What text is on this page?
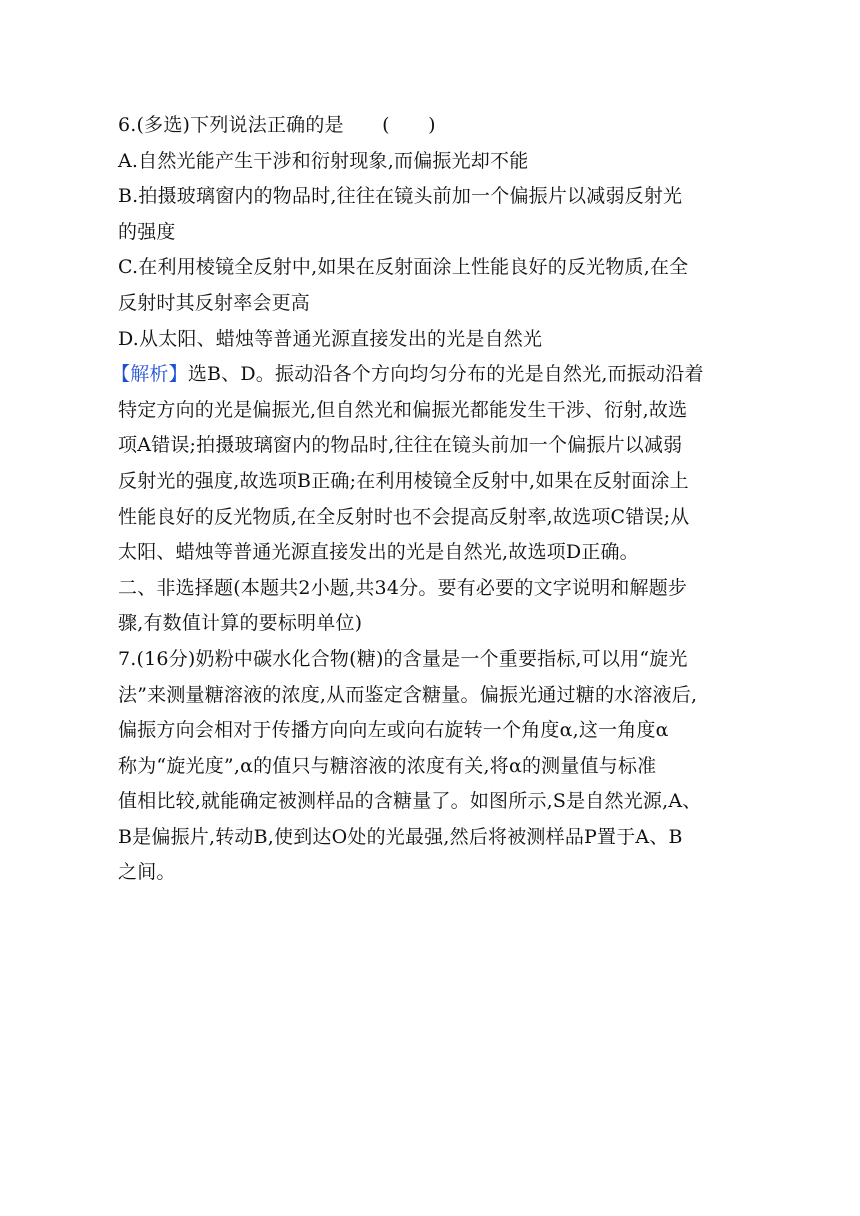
6.(多选)下列说法正确的是　　(　　)
A.自然光能产生干涉和衍射现象,而偏振光却不能
B.拍摄玻璃窗内的物品时,往往在镜头前加一个偏振片以减弱反射光
的强度
C.在利用棱镜全反射中,如果在反射面涂上性能良好的反光物质,在全
反射时其反射率会更高
D.从太阳、蜡烛等普通光源直接发出的光是自然光
【解析】选B、D。振动沿各个方向均匀分布的光是自然光,而振动沿着
特定方向的光是偏振光,但自然光和偏振光都能发生干涉、衍射,故选
项A错误;拍摄玻璃窗内的物品时,往往在镜头前加一个偏振片以减弱
反射光的强度,故选项B正确;在利用棱镜全反射中,如果在反射面涂上
性能良好的反光物质,在全反射时也不会提高反射率,故选项C错误;从
太阳、蜡烛等普通光源直接发出的光是自然光,故选项D正确。
二、非选择题(本题共2小题,共34分。要有必要的文字说明和解题步
骤,有数值计算的要标明单位)
7.(16分)奶粉中碳水化合物(糖)的含量是一个重要指标,可以用“旋光
法”来测量糖溶液的浓度,从而鉴定含糖量。偏振光通过糖的水溶液后,
偏振方向会相对于传播方向向左或向右旋转一个角度α,这一角度α
称为“旋光度”,α的值只与糖溶液的浓度有关,将α的测量值与标准
值相比较,就能确定被测样品的含糖量了。如图所示,S是自然光源,A、
B是偏振片,转动B,使到达O处的光最强,然后将被测样品P置于A、B
之间。
